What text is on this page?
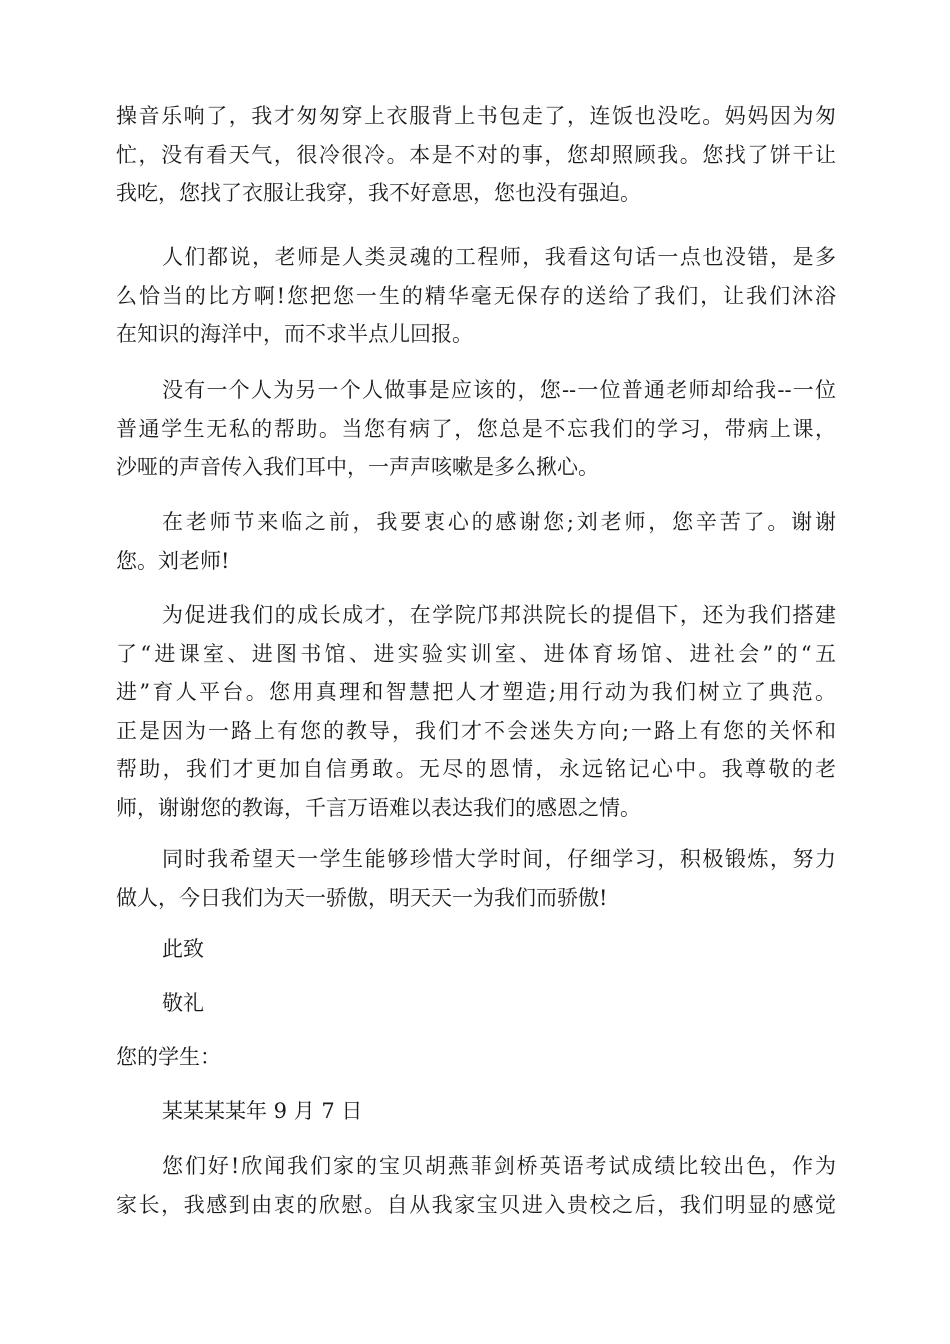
操音乐响了，我才匆匆穿上衣服背上书包走了，连饭也没吃。妈妈因为匆
忙，没有看天气，很冷很冷。本是不对的事，您却照顾我。您找了饼干让
我吃，您找了衣服让我穿，我不好意思，您也没有强迫。
人们都说，老师是人类灵魂的工程师，我看这句话一点也没错，是多
么恰当的比方啊!您把您一生的精华毫无保存的送给了我们，让我们沐浴
在知识的海洋中，而不求半点儿回报。
没有一个人为另一个人做事是应该的，您--一位普通老师却给我--一位
普通学生无私的帮助。当您有病了，您总是不忘我们的学习，带病上课，
沙哑的声音传入我们耳中，一声声咳嗽是多么揪心。
在老师节来临之前，我要衷心的感谢您;刘老师，您辛苦了。谢谢
您。刘老师!
为促进我们的成长成才，在学院邝邦洪院长的提倡下，还为我们搭建
了“进课室、进图书馆、进实验实训室、进体育场馆、进社会”的“五
进”育人平台。您用真理和智慧把人才塑造;用行动为我们树立了典范。
正是因为一路上有您的教导，我们才不会迷失方向;一路上有您的关怀和
帮助，我们才更加自信勇敢。无尽的恩情，永远铭记心中。我尊敬的老
师，谢谢您的教诲，千言万语难以表达我们的感恩之情。
同时我希望天一学生能够珍惜大学时间，仔细学习，积极锻炼，努力
做人，今日我们为天一骄傲，明天天一为我们而骄傲!
此致
敬礼
您的学生：
某某某某年 9 月 7 日
您们好!欣闻我们家的宝贝胡燕菲剑桥英语考试成绩比较出色，作为
家长，我感到由衷的欣慰。自从我家宝贝进入贵校之后，我们明显的感觉
